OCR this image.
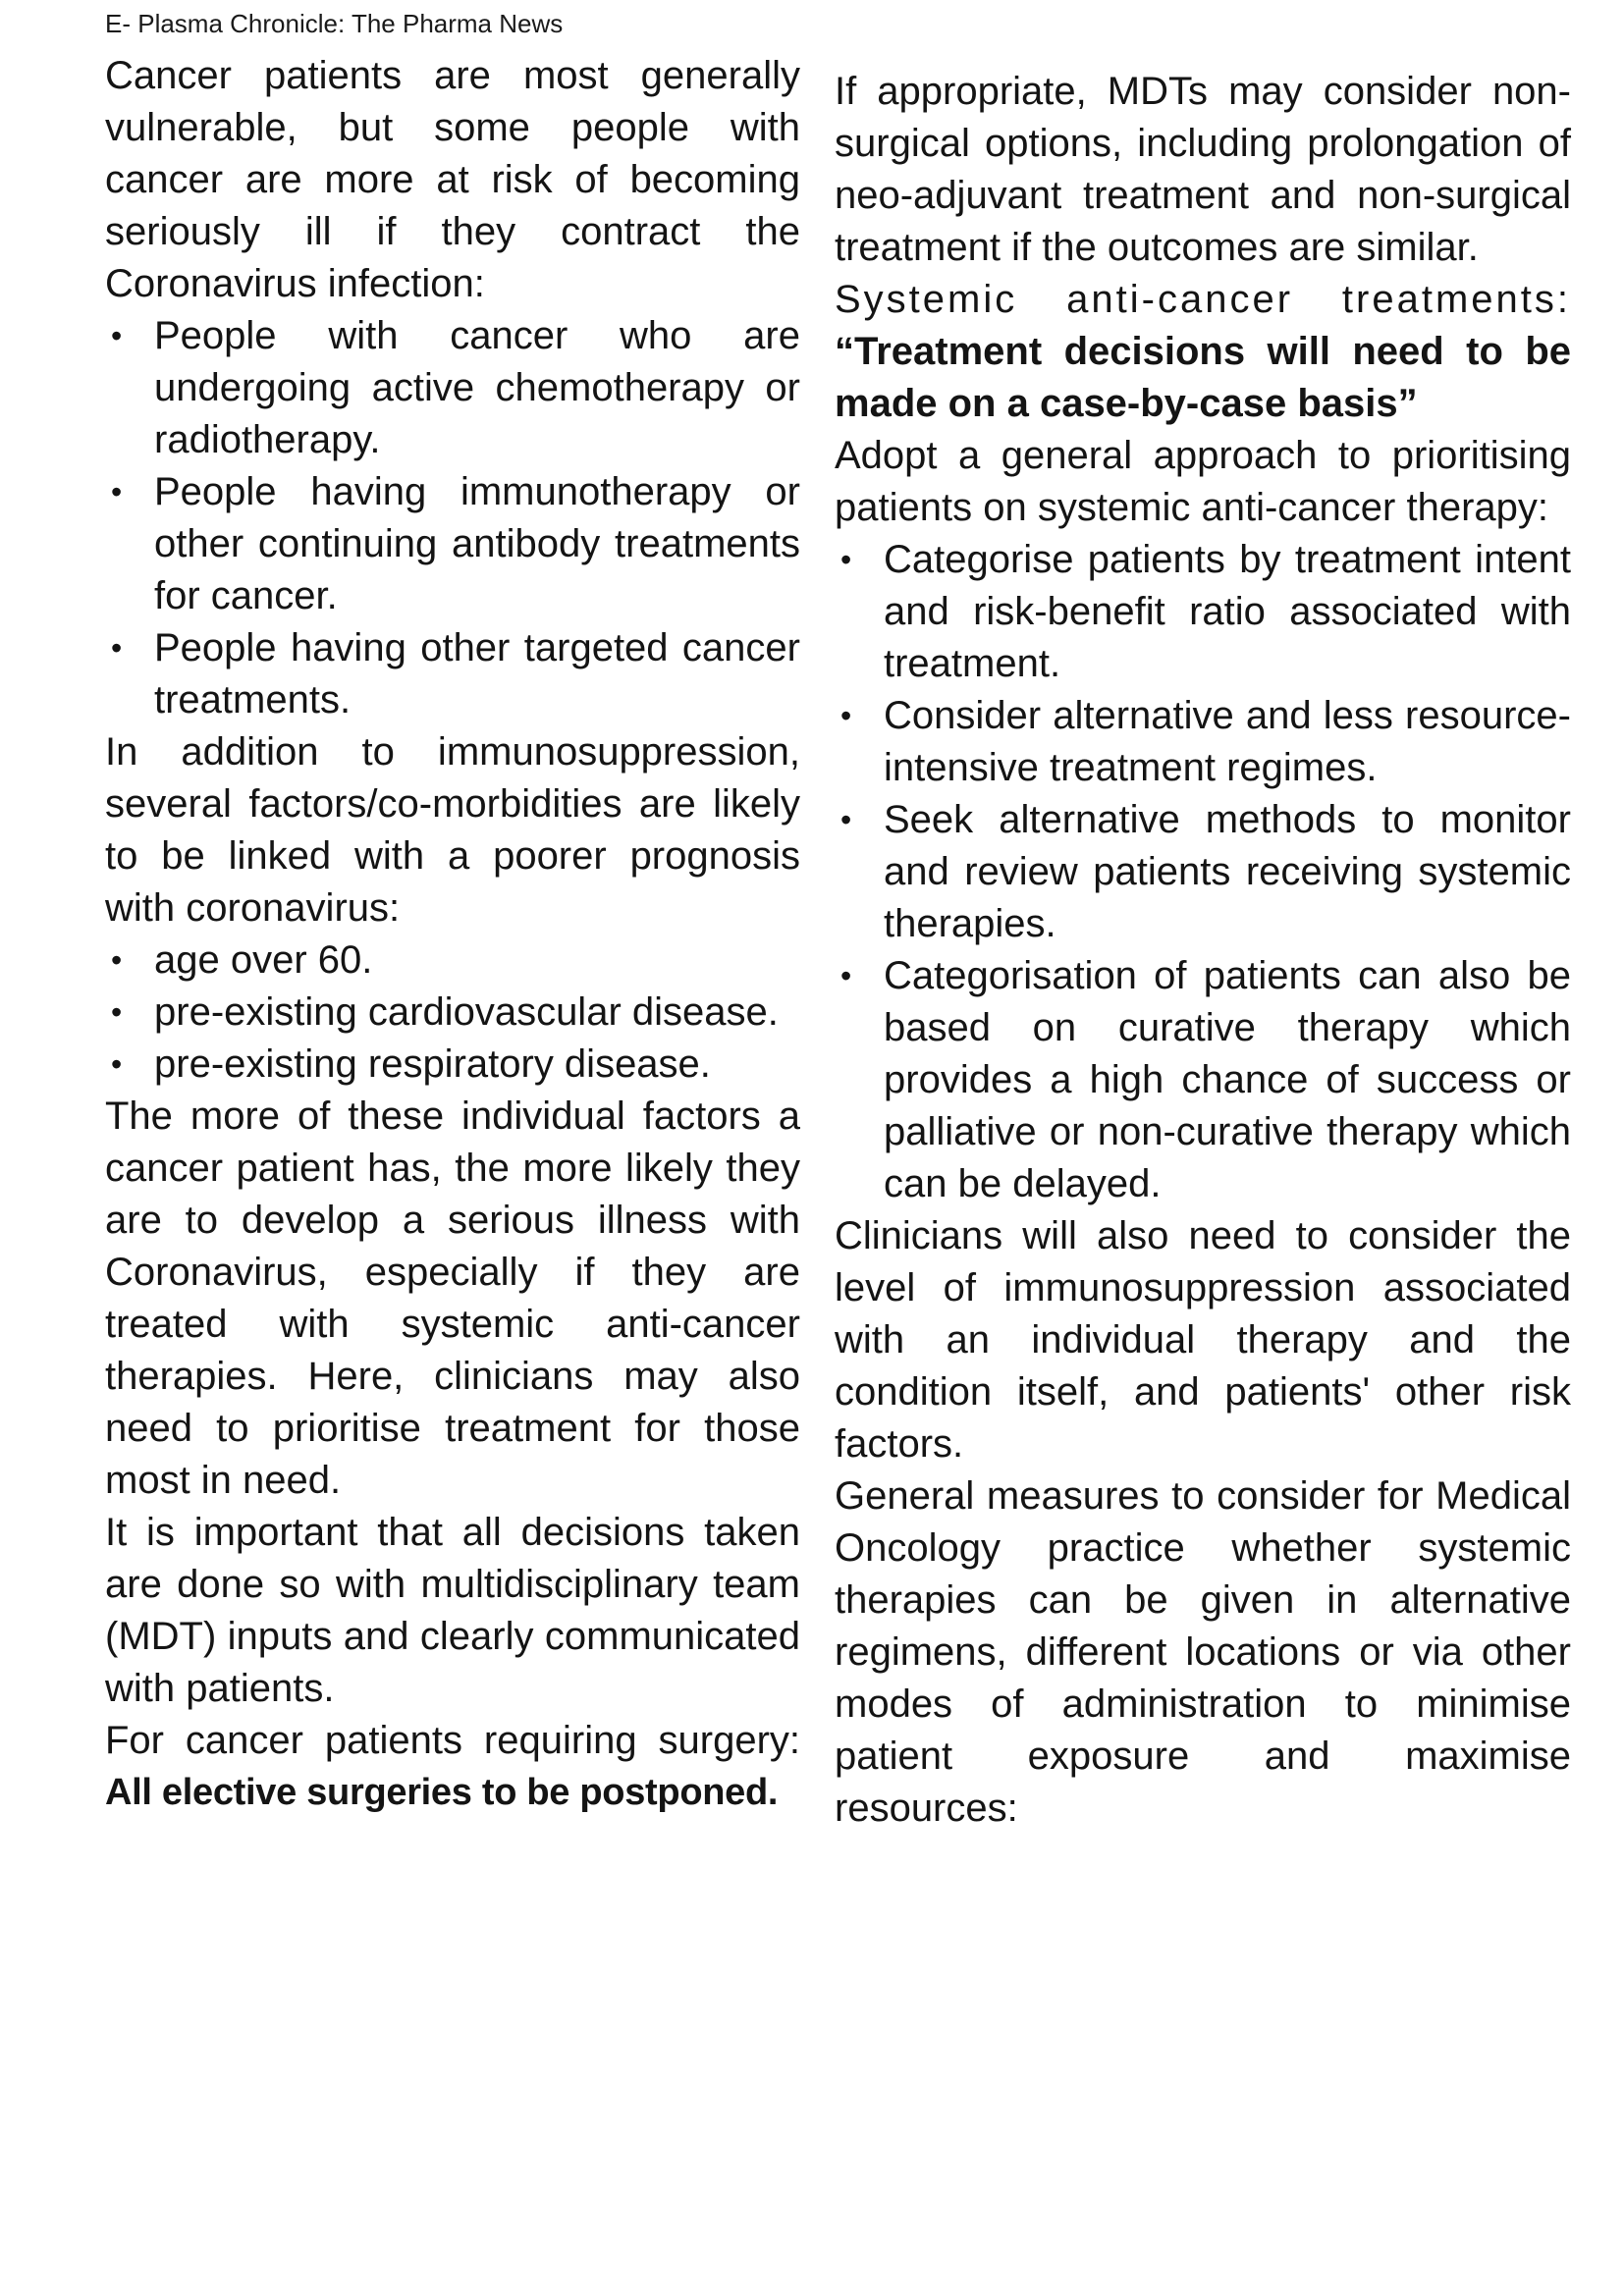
E- Plasma Chronicle: The Pharma News

Cancer patients are most generally vulnerable, but some people with cancer are more at risk of becoming seriously ill if they contract the Coronavirus infection:

• People with cancer who are undergoing active chemotherapy or radiotherapy.
• People having immunotherapy or other continuing antibody treatments for cancer.
• People having other targeted cancer treatments.

In addition to immunosuppression, several factors/co-morbidities are likely to be linked with a poorer prognosis with coronavirus:

• age over 60.
• pre-existing cardiovascular disease.
• pre-existing respiratory disease.

The more of these individual factors a cancer patient has, the more likely they are to develop a serious illness with Coronavirus, especially if they are treated with systemic anti-cancer therapies. Here, clinicians may also need to prioritise treatment for those most in need.

It is important that all decisions taken are done so with multidisciplinary team (MDT) inputs and clearly communicated with patients.

For cancer patients requiring surgery:

All elective surgeries to be postponed.

If appropriate, MDTs may consider non-surgical options, including prolongation of neo-adjuvant treatment and non-surgical treatment if the outcomes are similar.

Systemic anti-cancer treatments:

“Treatment decisions will need to be made on a case-by-case basis”

Adopt a general approach to prioritising patients on systemic anti-cancer therapy:

• Categorise patients by treatment intent and risk-benefit ratio associated with treatment.
• Consider alternative and less resource-intensive treatment regimes.
• Seek alternative methods to monitor and review patients receiving systemic therapies.
• Categorisation of patients can also be based on curative therapy which provides a high chance of success or palliative or non-curative therapy which can be delayed.

Clinicians will also need to consider the level of immunosuppression associated with an individual therapy and the condition itself, and patients' other risk factors.

General measures to consider for Medical Oncology practice whether systemic therapies can be given in alternative regimens, different locations or via other modes of administration to minimise patient exposure and maximise resources:
